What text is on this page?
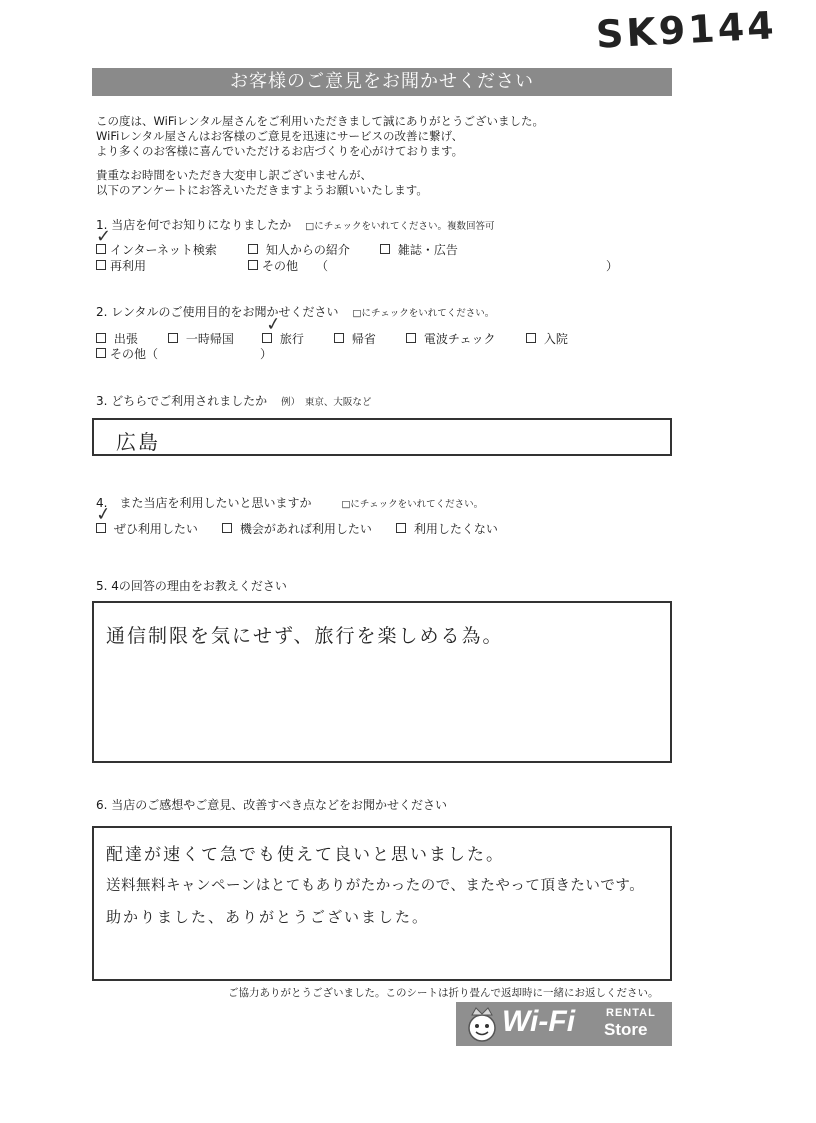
SK9144
お客様のご意見をお聞かせください
この度は、WiFiレンタル屋さんをご利用いただきまして誠にありがとうございました。
WiFiレンタル屋さんはお客様のご意見を迅速にサービスの改善に繋げ、
より多くのお客様に喜んでいただけるお店づくりを心がけております。
貴重なお時間をいただき大変申し訳ございませんが、
以下のアンケートにお答えいただきますようお願いいたします。
1. 当店を何でお知りになりましたか □にチェックをいれてください。複数回答可
インターネット検索
✓
知人からの紹介	雑誌・広告
再利用	その他 （	）
2. レンタルのご使用目的をお聞かせください □にチェックをいれてください。
出張	一時帰国	旅行
✓
帰省	電波チェック	入院
その他（	）
3. どちらでご利用されましたか 例）　東京、大阪など
広島
4.　また当店を利用したいと思いますか	□にチェックをいれてください。
ぜひ利用したい
✓
機会があれば利用したい	利用したくない
5. 4の回答の理由をお教えください
通信制限を気にせず、旅行を楽しめる為。
6. 当店のご感想やご意見、改善すべき点などをお聞かせください
配達が速くて急でも使えて良いと思いました。
送料無料キャンペーンはとてもありがたかったので、またやって頂きたいです。
助かりました、ありがとうございました。
ご協力ありがとうございました。このシートは折り畳んで返却時に一緒にお返しください。
Wi-Fi	RENTAL
Store
